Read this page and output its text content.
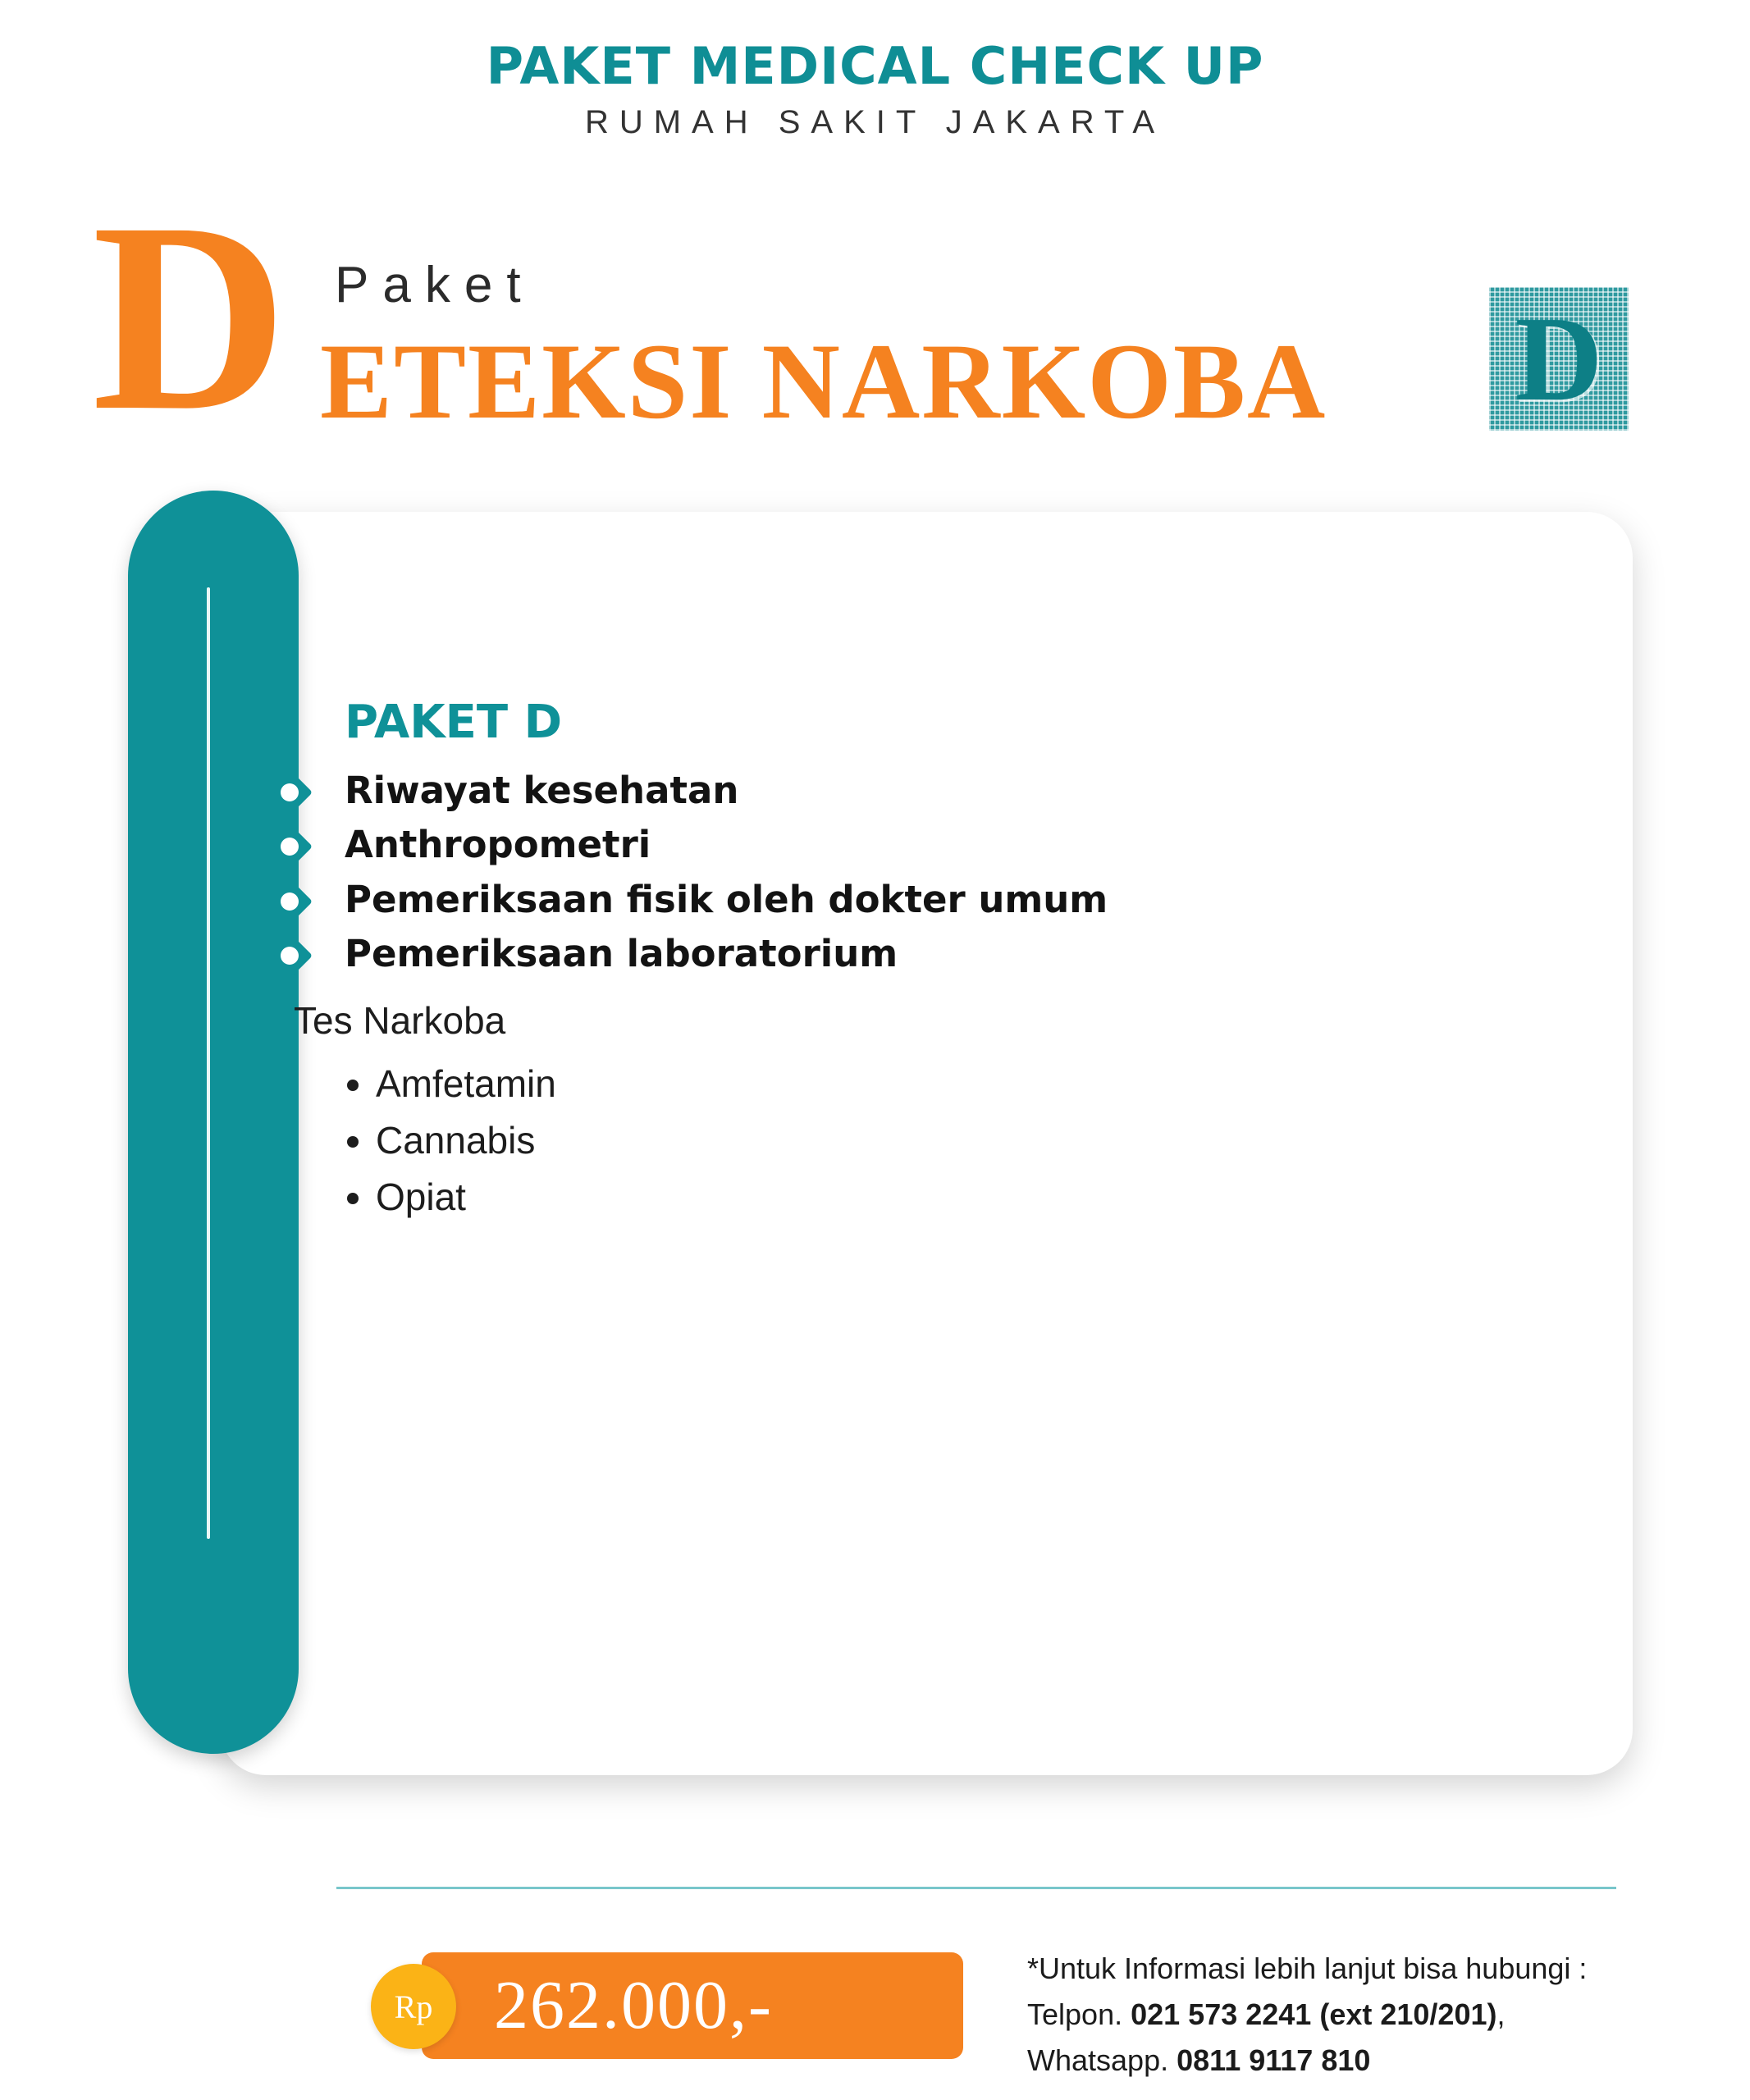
PAKET MEDICAL CHECK UP
RUMAH SAKIT JAKARTA
D Paket
ETEKSI NARKOBA D
PAKET D
Riwayat kesehatan
Anthropometri
Pemeriksaan fisik oleh dokter umum
Pemeriksaan laboratorium
Tes Narkoba
• Amfetamin
• Cannabis
• Opiat
Rp 262.000,-	*Untuk Informasi lebih lanjut bisa hubungi :
Telpon. 021 573 2241 (ext 210/201),
Whatsapp. 0811 9117 810
